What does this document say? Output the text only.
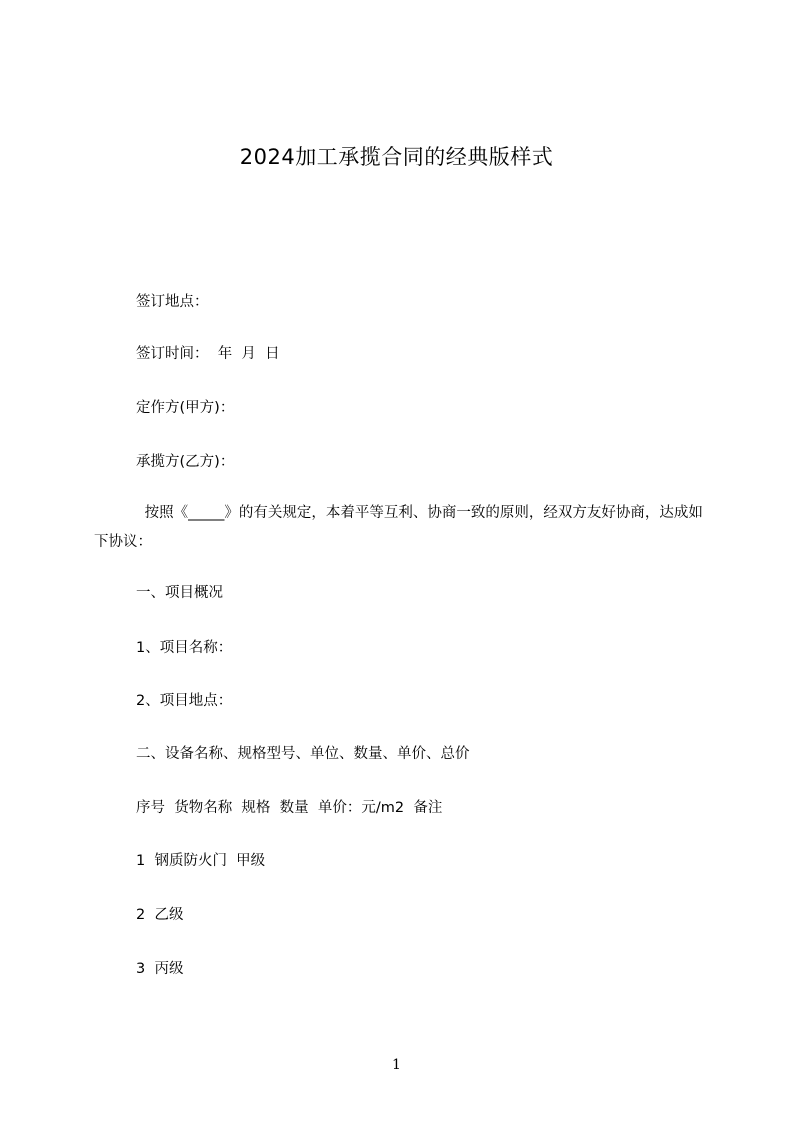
2024加工承揽合同的经典版样式
签订地点：
签订时间：  年  月  日
定作方(甲方)：
承揽方(乙方)：
按照《_____》的有关规定，本着平等互利、协商一致的原则，经双方友好协商，达成如下协议：
一、项目概况
1、项目名称：
2、项目地点：
二、设备名称、规格型号、单位、数量、单价、总价
序号  货物名称  规格  数量  单价：元/m2  备注
1  钢质防火门  甲级
2  乙级
3  丙级
1
